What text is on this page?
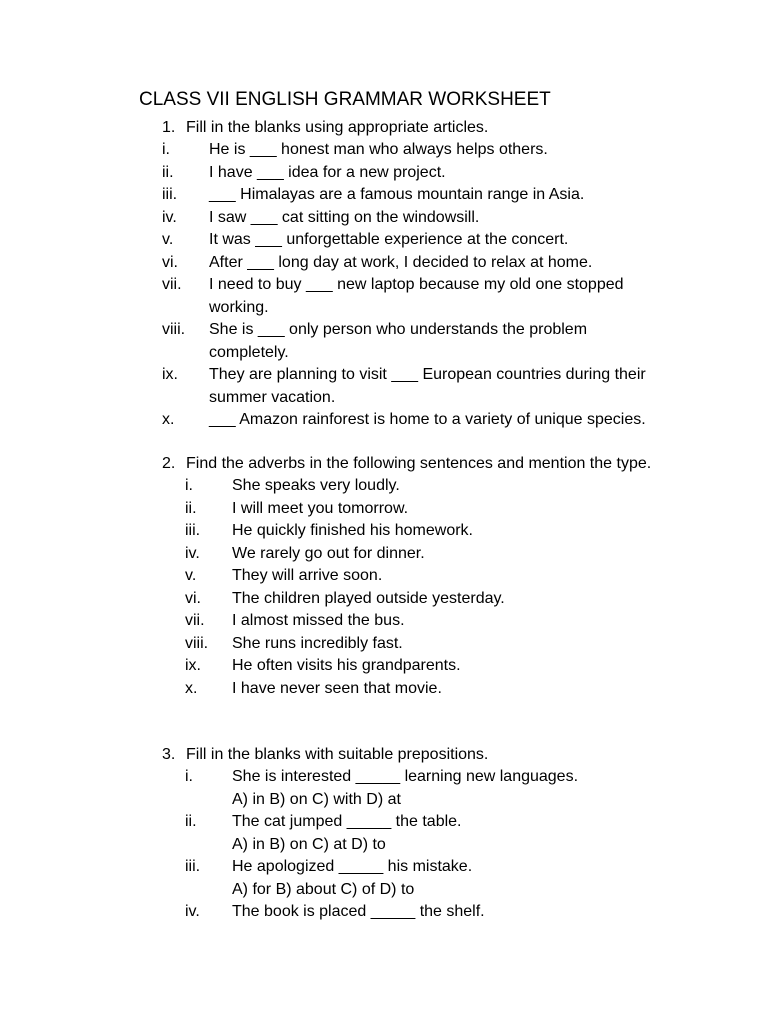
CLASS VII ENGLISH GRAMMAR WORKSHEET
1. Fill in the blanks using appropriate articles.
i. He is ___ honest man who always helps others.
ii. I have ___ idea for a new project.
iii. ___ Himalayas are a famous mountain range in Asia.
iv. I saw ___ cat sitting on the windowsill.
v. It was ___ unforgettable experience at the concert.
vi. After ___ long day at work, I decided to relax at home.
vii. I need to buy ___ new laptop because my old one stopped
working.
viii. She is ___ only person who understands the problem
completely.
ix. They are planning to visit ___ European countries during their
summer vacation.
x. ___ Amazon rainforest is home to a variety of unique species.
2. Find the adverbs in the following sentences and mention the type.
i. She speaks very loudly.
ii. I will meet you tomorrow.
iii. He quickly finished his homework.
iv. We rarely go out for dinner.
v. They will arrive soon.
vi. The children played outside yesterday.
vii. I almost missed the bus.
viii. She runs incredibly fast.
ix. He often visits his grandparents.
x. I have never seen that movie.
3. Fill in the blanks with suitable prepositions.
i. She is interested _____ learning new languages.
A) in B) on C) with D) at
ii. The cat jumped _____ the table.
A) in B) on C) at D) to
iii. He apologized _____ his mistake.
A) for B) about C) of D) to
iv. The book is placed _____ the shelf.
